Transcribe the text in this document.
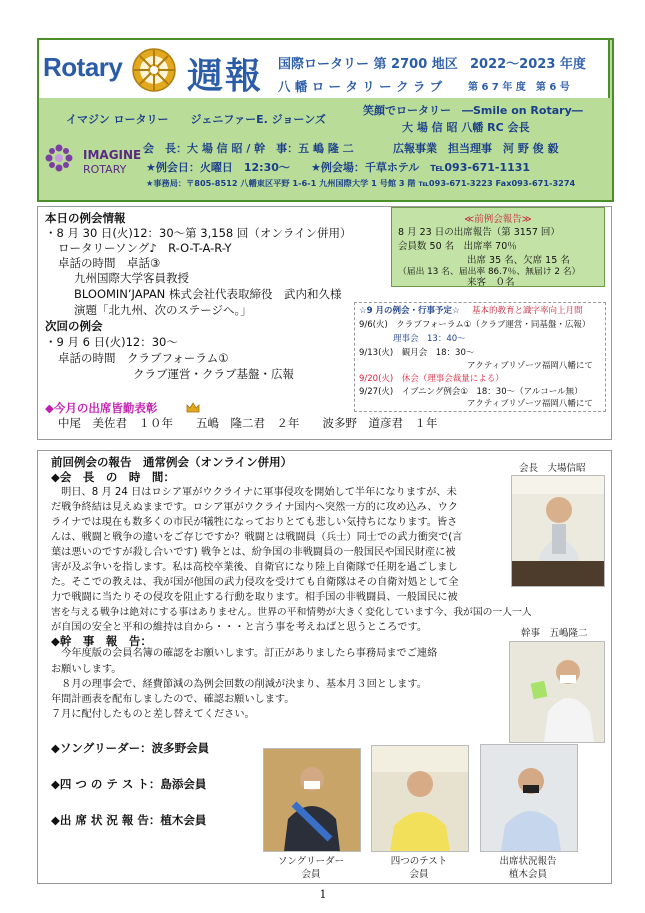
Rotary 週報 国際ロータリー 第 2700 地区 2022～2023 年度
八 幡 ロ ー タ リ ー ク ラ ブ	第 6 7 年 度　第 6 号
イマジン ロータリー　　ジェニファーE. ジョーンズ
笑顔でロータリー　―Smile on Rotary―
大 場 信 昭 八幡 RC 会長
IMAGINE
ROTARY
会　長：大 場 信 昭 / 幹　事：五 嶋 隆 二	広報事業　担当理事　河 野 俊 毅
★例会日：火曜日　12:30～ ★例会場：千草ホテル　℡093-671-1131
★事務局：〒805-8512 八幡東区平野 1-6-1 九州国際大学 1 号館 3 階 ℡093-671-3223 Fax093-671-3274
本日の例会情報
・8 月 30 日(火)12：30～第 3,158 回（オンライン併用）
ロータリーソング♪　R-O-T-A-R-Y
卓話の時間　卓話③
九州国際大学客員教授
BLOOMIN’JAPAN 株式会社代表取締役　武内和久様
演題「北九州、次のステージへ。」
次回の例会
・9 月 6 日(火)12：30～
卓話の時間　クラブフォーラム①
クラブ運営・クラブ基盤・広報
◆今月の出席皆勤表彰
中尾　美佐君　１０年　　五嶋　隆二君　２年　　波多野　道彦君　１年
≪前例会報告≫
8 月 23 日の出席報告（第 3157 回）
会員数 50 名　出席率 70％
出席 35 名、欠席 15 名
（届出 13 名、届出率 86.7％、無届け 2 名）
来客　０名
☆9 月の例会・行事予定☆ 基本的教育と識字率向上月間
9/6(火)　クラブフォーラム①（クラブ運営・同基盤・広報）
理事会　13：40～
9/13(火)　観月会　18：30～
アクティブリゾーツ福岡八幡にて
9/20(火)　休会（理事会裁量による）
9/27(火)　イブニング例会①　18：30～（アルコール無）
アクティブリゾーツ福岡八幡にて
前回例会の報告　通常例会（オンライン併用）
◆会　長　の　時　間：
会長　大場信昭
　明日、8 月 24 日はロシア軍がウクライナに軍事侵攻を開始して半年になりますが、未
だ戦争終結は見えぬままです。ロシア軍がウクライナ国内へ突然一方的に攻め込み、ウク
ライナでは現在も数多くの市民が犠牲になっておりとても悲しい気持ちになります。皆さ
んは、戦闘と戦争の違いをご存じですか？戦闘とは戦闘員（兵士）同士での武力衝突で(言
葉は悪いのですが殺し合いです) 戦争とは、紛争国の非戦闘員の一般国民や国民財産に被
害が及ぶ争いを指します。私は高校卒業後、自衛官になり陸上自衛隊で任期を過ごしまし
た。そこでの教えは、我が国が他国の武力侵攻を受けても自衛隊はその自衛対処として全
力で戦闘に当たりその侵攻を阻止する行動を取ります。相手国の非戦闘員、一般国民に被
害を与える戦争は絶対にする事はありません。世界の平和情勢が大きく変化しています今、我が国の一人一人
が自国の安全と平和の維持は自から・・・と言う事を考えねばと思うところです。
◆幹　事　報　告：
幹事　五嶋隆二
　今年度版の会員名簿の確認をお願いします。訂正がありましたら事務局までご連絡
お願いします。
　８月の理事会で、経費節減の為例会回数の削減が決まり、基本月３回とします。
年間計画表を配布しましたので、確認お願いします。
７月に配付したものと差し替えてください。
◆ソングリーダー：波多野会員
◆四 つ の テ ス ト：島添会員
◆出 席 状 況 報 告：植木会員
ソングリーダー
会員
四つのテスト
会員
出席状況報告
植木会員
1
